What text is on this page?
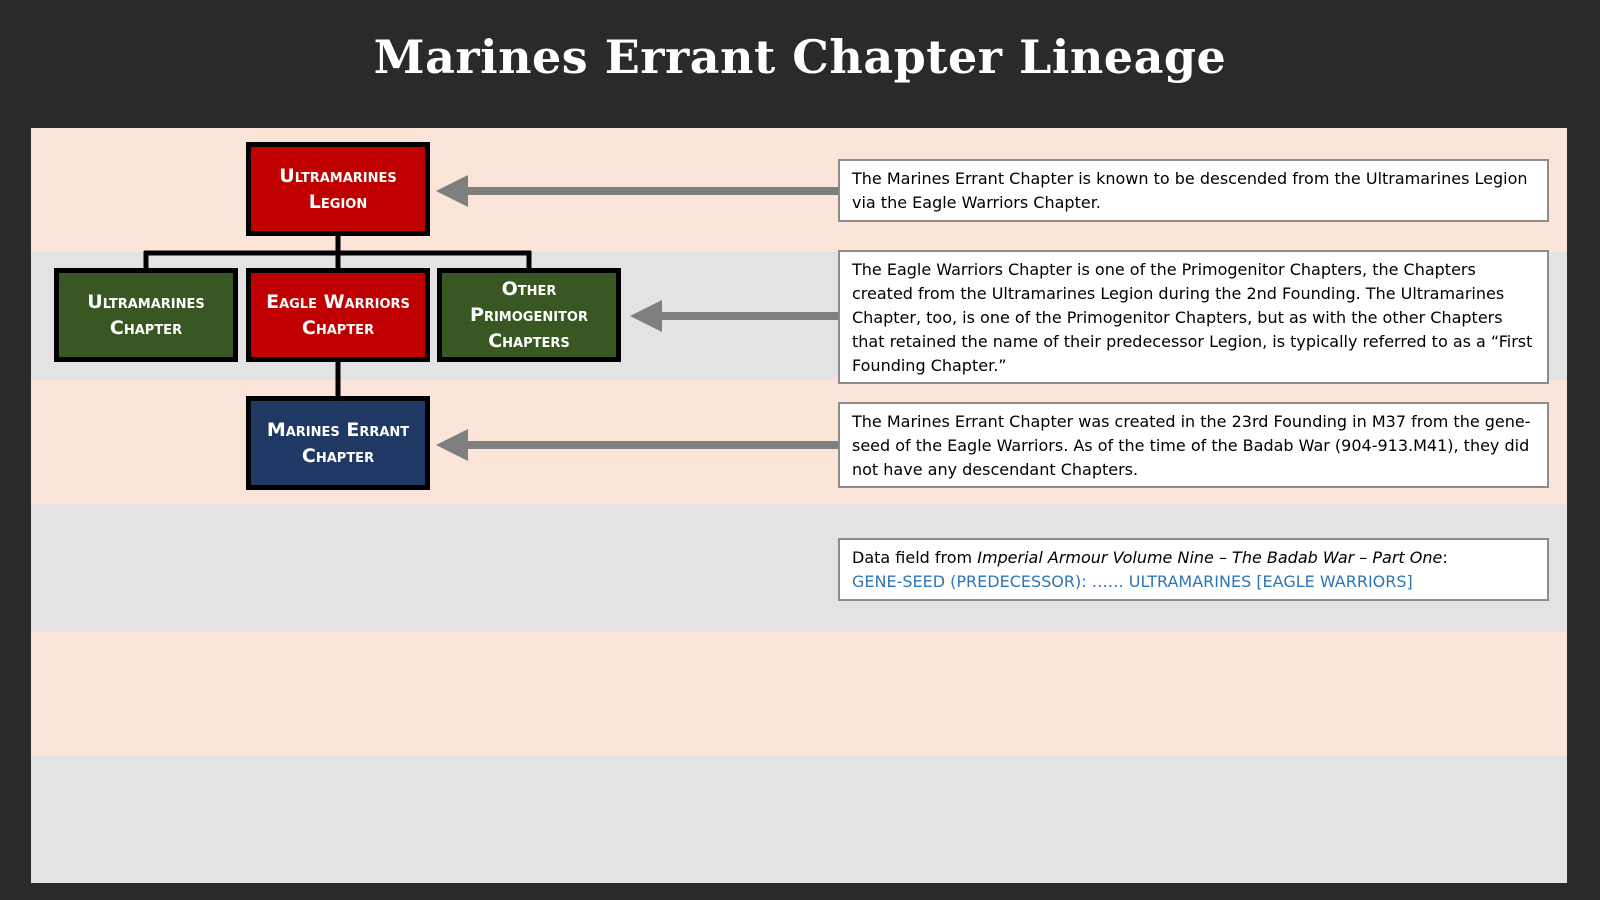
Marines Errant Chapter Lineage
Ultramarines
Legion
Ultramarines
Chapter
Eagle Warriors
Chapter
Other
Primogenitor
Chapters
Marines Errant
Chapter
The Marines Errant Chapter is known to be descended from the Ultramarines Legion via the Eagle Warriors Chapter.
The Eagle Warriors Chapter is one of the Primogenitor Chapters, the Chapters created from the Ultramarines Legion during the 2nd Founding. The Ultramarines Chapter, too, is one of the Primogenitor Chapters, but as with the other Chapters that retained the name of their predecessor Legion, is typically referred to as a “First Founding Chapter.”
The Marines Errant Chapter was created in the 23rd Founding in M37 from the gene-seed of the Eagle Warriors. As of the time of the Badab War (904-913.M41), they did not have any descendant Chapters.
Data field from Imperial Armour Volume Nine – The Badab War – Part One:
GENE-SEED (PREDECESSOR): …… ULTRAMARINES [EAGLE WARRIORS]
